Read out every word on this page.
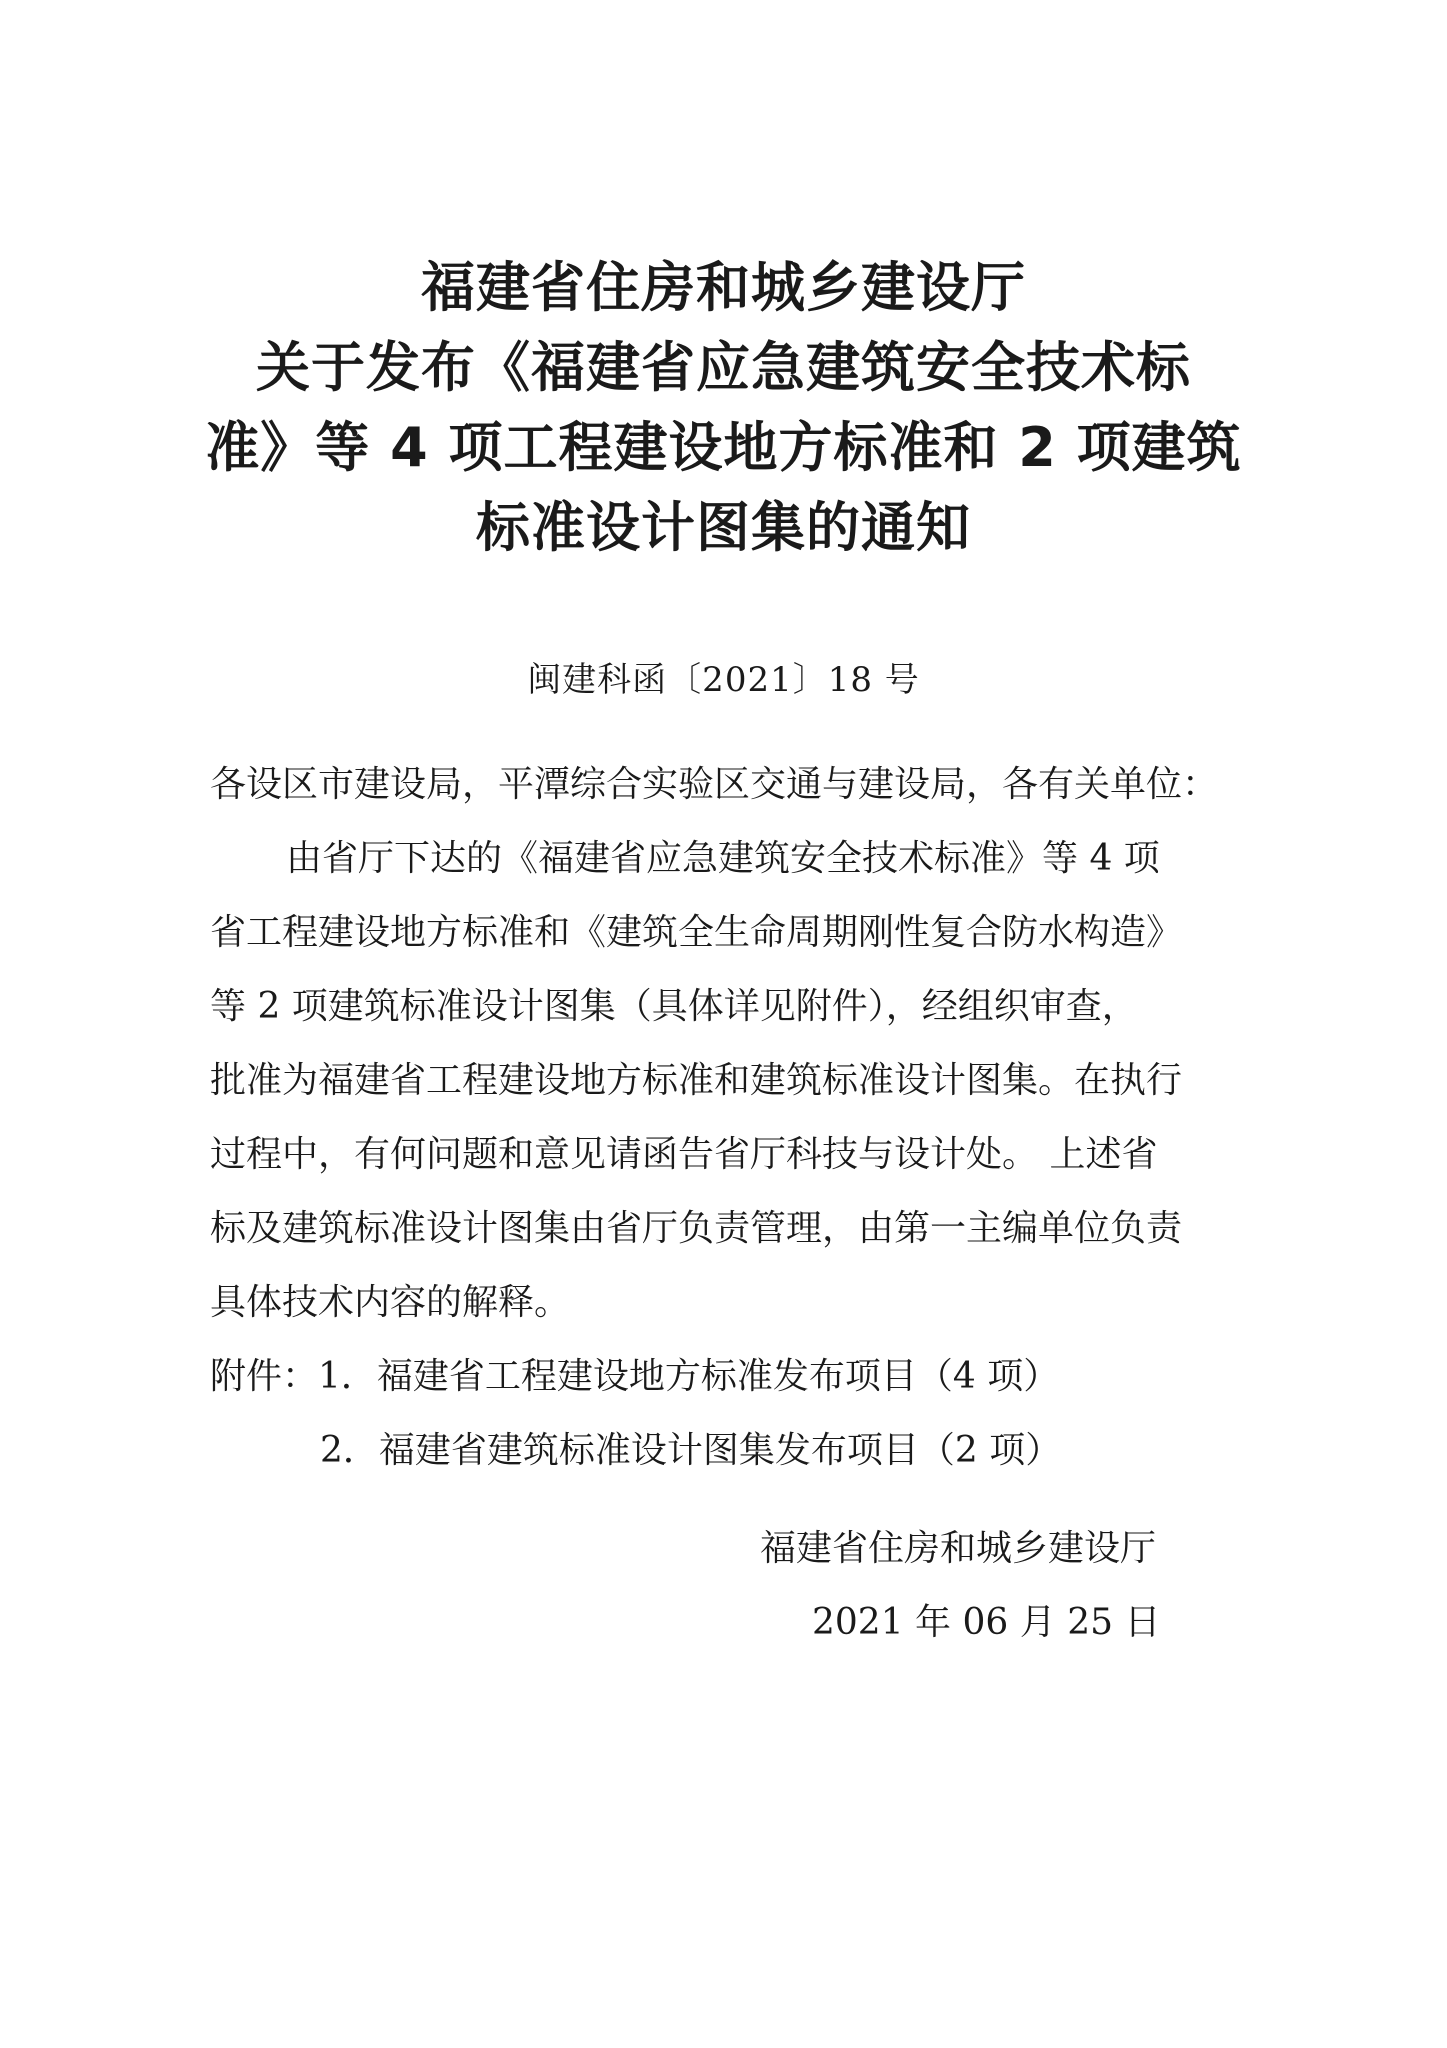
福建省住房和城乡建设厅
关于发布《福建省应急建筑安全技术标
准》等 4 项工程建设地方标准和 2 项建筑
标准设计图集的通知
闽建科函〔2021〕18 号
各设区市建设局，平潭综合实验区交通与建设局，各有关单位：
由省厅下达的《福建省应急建筑安全技术标准》等 4 项
省工程建设地方标准和《建筑全生命周期刚性复合防水构造》
等 2 项建筑标准设计图集（具体详见附件），经组织审查，
批准为福建省工程建设地方标准和建筑标准设计图集。在执行
过程中，有何问题和意见请函告省厅科技与设计处。 上述省
标及建筑标准设计图集由省厅负责管理，由第一主编单位负责
具体技术内容的解释。
附件：1．福建省工程建设地方标准发布项目（4 项）
2．福建省建筑标准设计图集发布项目（2 项）
福建省住房和城乡建设厅
2021 年 06 月 25 日
